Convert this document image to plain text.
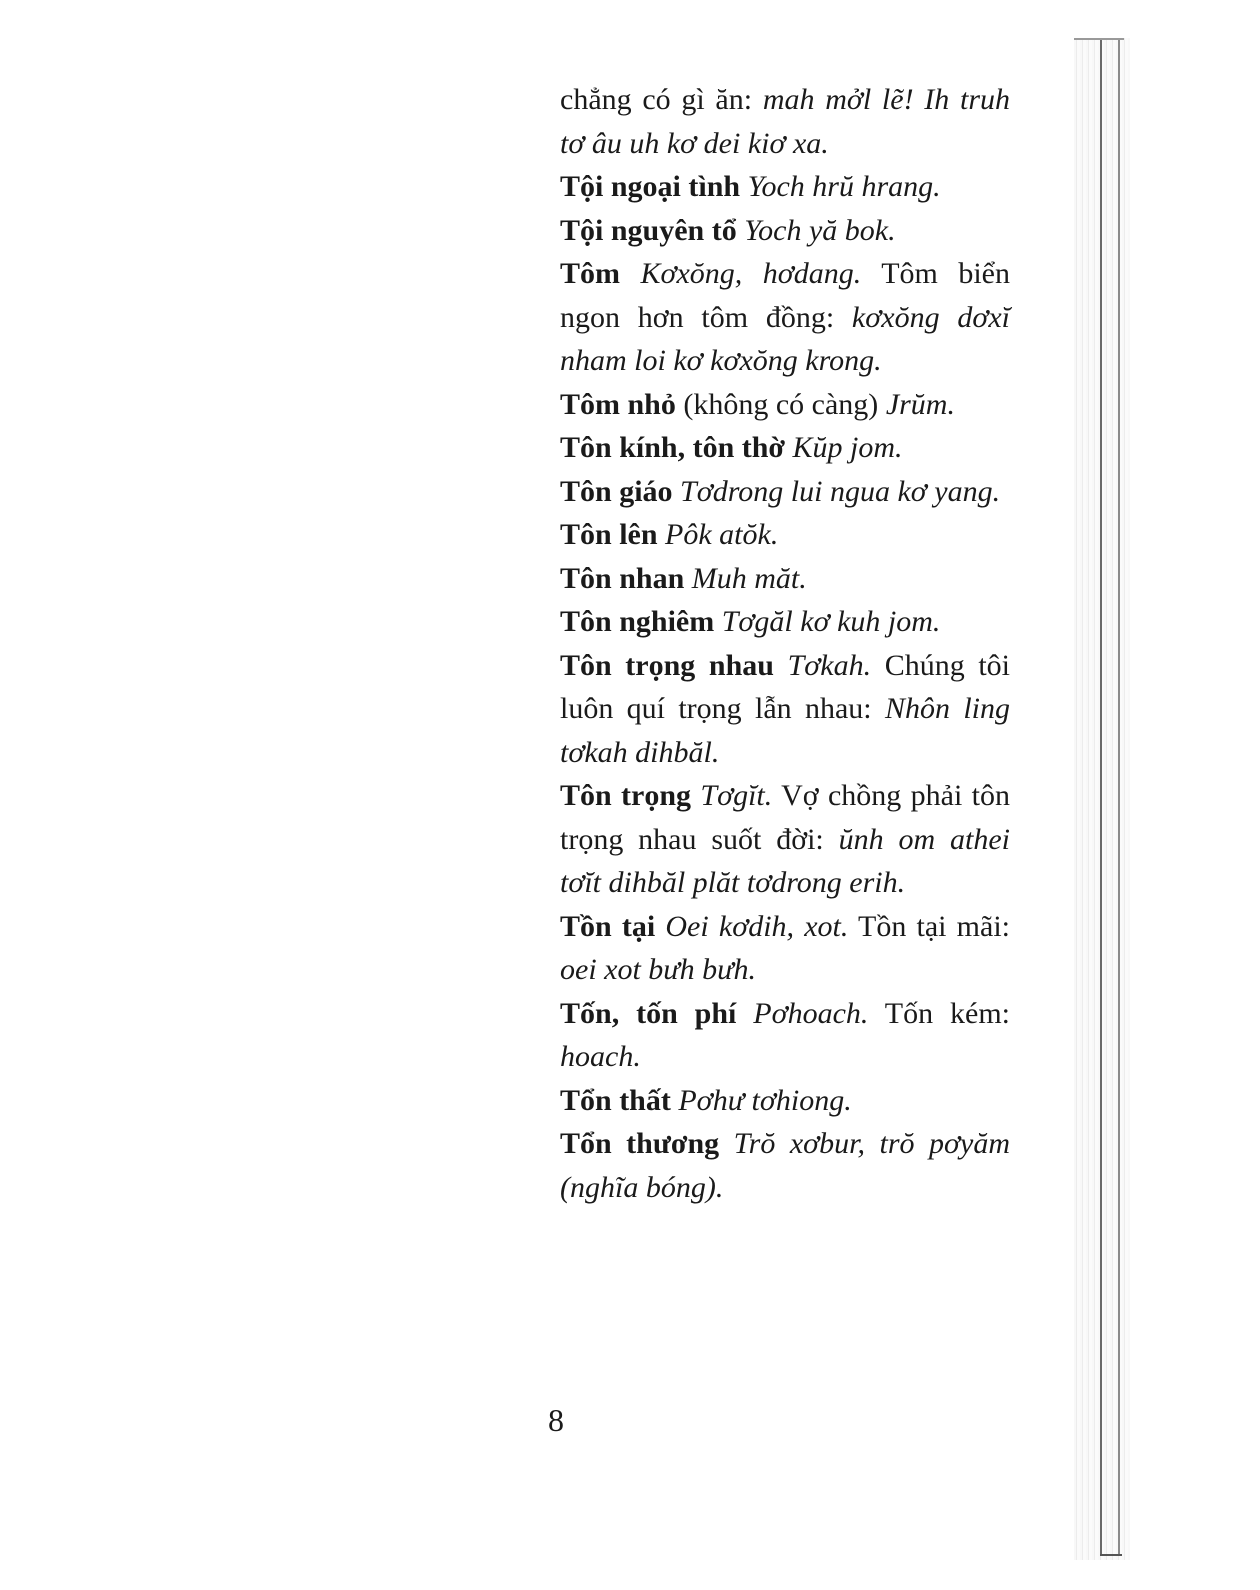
chẳng có gì ăn: mah mởl lẽ! Ih truh tơ âu uh kơ dei kiơ xa.

Tội ngoại tình Yoch hrŭ hrang.

Tội nguyên tổ Yoch yă bok.

Tôm Kơxŏng, hơdang. Tôm biển ngon hơn tôm đồng: kơxŏng dơxĭ nham loi kơ kơxŏng krong.

Tôm nhỏ (không có càng) Jrŭm.

Tôn kính, tôn thờ Kŭp jom.

Tôn giáo Tơdrong lui ngua kơ yang.

Tôn lên Pôk atŏk.

Tôn nhan Muh măt.

Tôn nghiêm Tơgăl kơ kuh jom.

Tôn trọng nhau Tơkah. Chúng tôi luôn quí trọng lẫn nhau: Nhôn ling tơkah dihbăl.

Tôn trọng Tơgĭt. Vợ chồng phải tôn trọng nhau suốt đời: ŭnh om athei tơĭt dihbăl plăt tơdrong erih.

Tồn tại Oei kơdih, xot. Tồn tại mãi: oei xot bưh bưh.

Tốn, tốn phí Pơhoach. Tốn kém: hoach.

Tổn thất Pơhư tơhiong.

Tổn thương Trŏ xơbur, trŏ pơyăm (nghĩa bóng).

8
